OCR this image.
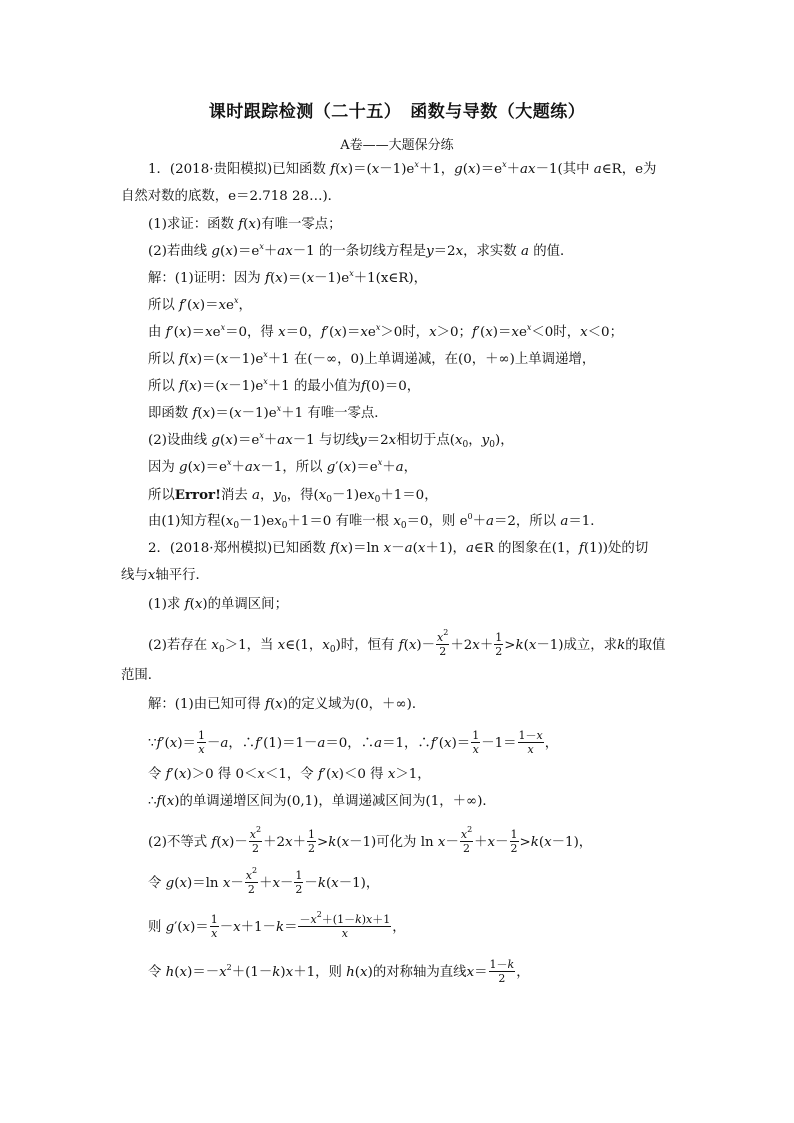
课时跟踪检测（二十五）　函数与导数（大题练）
A卷——大题保分练
1．(2018·贵阳模拟)已知函数 $f(x)=(x-1)e^x+1$，$g(x)=e^x+ax-1$(其中 a∈R，e为
自然对数的底数，e＝2.718 28…)．
(1)求证：函数 f(x)有唯一零点；
(2)若曲线 $g(x)=e^x+ax-1$ 的一条切线方程是y＝2x，求实数 a 的值．
解：(1)证明：因为 $f(x)=(x-1)e^x+1(x\in R)$，
所以 $f'(x)=xe^x$，
由 $f'(x)=xe^x=0$，得 x＝0，$f'(x)=xe^x>0$时，x＞0；$f'(x)=xe^x<0$时，x＜0；
所以 $f(x)=(x-1)e^x+1$ 在(－∞，0)上单调递减，在(0，＋∞)上单调递增，
所以 $f(x)=(x-1)e^x+1$ 的最小值为f(0)＝0，
即函数 $f(x)=(x-1)e^x+1$ 有唯一零点．
(2)设曲线 $g(x)=e^x+ax-1$ 与切线y＝2x相切于点($x_0$，$y_0$)，
因为 $g(x)=e^x+ax-1$，所以 $g'(x)=e^x+a$，
所以Error!消去 a，$y_0$，得$(x_0-1)ex_0+1=0$，
由(1)知方程$(x_0-1)ex_0+1=0$ 有唯一根 $x_0=0$，则 $e^0+a=2$，所以 a＝1．
2．(2018·郑州模拟)已知函数 f(x)＝ln x－a(x＋1)，a∈R 的图象在(1，f(1))处的切
线与x轴平行．
(1)求 f(x)的单调区间；
(2)若存在 $x_0>1$，当 x∈(1，$x_0$)时，恒有 $f(x)- \frac{x^2}{2} +2x+ \frac{1}{2} >k(x-1)$成立，求k的取值
范围．
解：(1)由已知可得 f(x)的定义域为(0，＋∞)．
∵f′(x)＝ $\frac{1}{x} -a$，∴f′(1)＝1－a＝0，∴a＝1，∴f′(x)＝ $\frac{1}{x} -1= \frac{1-x}{x}$ ，
令 f′(x)＞0 得 0＜x＜1，令 f′(x)＜0 得 x＞1，
∴f(x)的单调递增区间为(0,1)，单调递减区间为(1，＋∞)．
(2)不等式 $f(x)- \frac{x^2}{2} +2x+ \frac{1}{2} >k(x-1)$可化为 $\ln x- \frac{x^2}{2} +x- \frac{1}{2} >k(x-1)$，
令 g(x)＝ln $x- \frac{x^2}{2} +x- \frac{1}{2} -k(x-1)$，
则 $g'(x)= \frac{1}{x} -x+1-k= \frac{-x^2+(1-k)x+1}{x}$ ，
令 $h(x)=-x^2+(1-k)x+1$，则 h(x)的对称轴为直线$x= \frac{1-k}{2}$ ，
